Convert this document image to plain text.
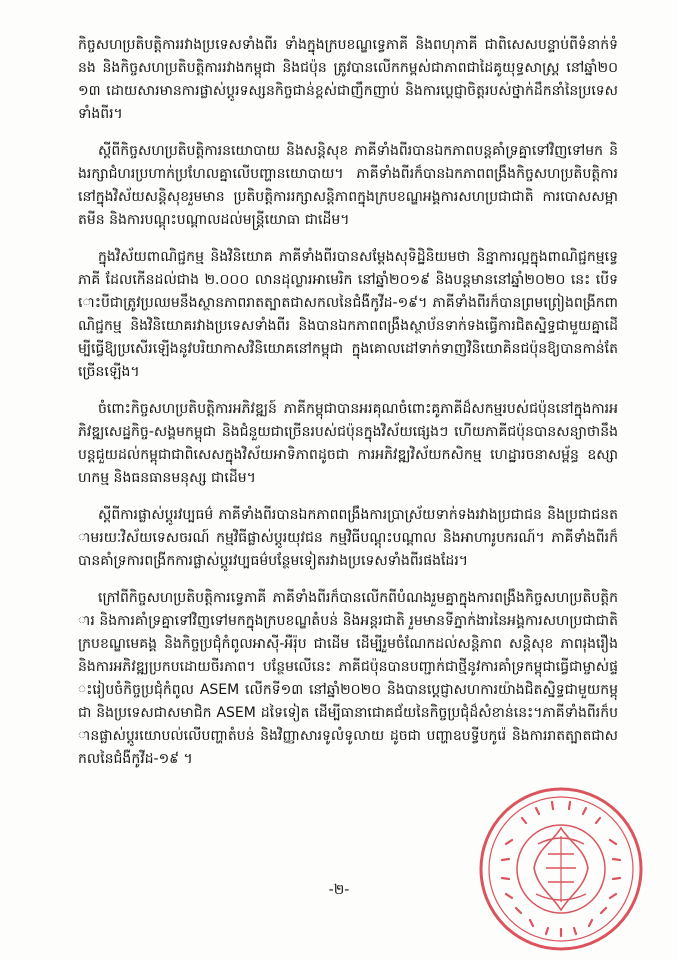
កិច្ចសហប្រតិបត្តិការរវាងប្រទេសទាំងពីរ ទាំងក្នុងក្របខណ្ឌទ្វេភាគី និងពហុភាគី ជាពិសេសបន្ទាប់ពីទំនាក់ទំនង និងកិច្ចសហប្រតិបត្តិការរវាងកម្ពុជា និងជប៉ុន ត្រូវបានលើកកម្ពស់ជាភាពជាដៃគូយុទ្ធសាស្ត្រ នៅឆ្នាំ២០១៣ ដោយសារមានការផ្លាស់ប្តូរទស្សនកិច្ចជាន់ខ្ពស់ជាញឹកញាប់ និងការប្តេជ្ញាចិត្តរបស់ថ្នាក់ដឹកនាំនៃប្រទេសទាំងពីរ។

ស្តីពីកិច្ចសហប្រតិបត្តិការនយោបាយ និងសន្តិសុខ ភាគីទាំងពីរបានឯកភាពបន្តគាំទ្រគ្នាទៅវិញទៅមក និងរក្សាជំហរប្រហាក់ប្រហែលគ្នាលើបញ្ហានយោបាយ។ ភាគីទាំងពីរក៏បានឯកភាពពង្រឹងកិច្ចសហប្រតិបត្តិការនៅក្នុងវិស័យសន្តិសុខរួមមាន ប្រតិបត្តិការរក្សាសន្តិភាពក្នុងក្របខណ្ឌអង្គការសហប្រជាជាតិ ការបោសសម្អាតមីន និងការបណ្តុះបណ្តាលដល់មន្រ្តីយោធា ជាដើម។

ក្នុងវិស័យពាណិជ្ជកម្ម និងវិនិយោគ ភាគីទាំងពីរបានសម្តែងសុទិដ្ឋិនិយមថា និន្នាការល្អក្នុងពាណិជ្ជកម្មទ្វេភាគី ដែលកើនដល់ជាង ២.០០០ លានដុល្លារអាមេរិក នៅឆ្នាំ២០១៩ និងបន្តមាននៅឆ្នាំ២០២០ នេះ បើទោះបីជាត្រូវប្រឈមនឹងស្ថានភាពរាតត្បាតជាសកលនៃជំងឺកូវីដ-១៩។ ភាគីទាំងពីរក៏បានព្រមព្រៀងពង្រីកពាណិជ្ជកម្ម និងវិនិយោគរវាងប្រទេសទាំងពីរ និងបានឯកភាពពង្រឹងស្ថាប័នទាក់ទងធ្វើការជិតស្និទ្ធជាមួយគ្នាដើម្បីធ្វើឱ្យប្រសើរឡើងនូវបរិយាកាសវិនិយោគនៅកម្ពុជា ក្នុងគោលដៅទាក់ទាញវិនិយោគិនជប៉ុនឱ្យបានកាន់តែច្រើនឡើង។

ចំពោះកិច្ចសហប្រតិបត្តិការអភិវឌ្ឍន៍ ភាគីកម្ពុជាបានអរគុណចំពោះគូភាគីដ៏សកម្មរបស់ជប៉ុននៅក្នុងការអភិវឌ្ឍសេដ្ឋកិច្ច-សង្គមកម្ពុជា និងជំនួយជាច្រើនរបស់ជប៉ុនក្នុងវិស័យផ្សេងៗ ហើយភាគីជប៉ុនបានសន្យាថានឹងបន្តជួយដល់កម្ពុជាជាពិសេសក្នុងវិស័យអាទិភាពដូចជា ការអភិវឌ្ឍវិស័យកសិកម្ម ហេដ្ឋារចនាសម្ព័ន្ធ ឧស្សាហកម្ម និងធនធានមនុស្ស ជាដើម។

ស្តីពីការផ្លាស់ប្តូរវប្បធម៌ ភាគីទាំងពីរបានឯកភាពពង្រឹងការប្រាស្រ័យទាក់ទងរវាងប្រជាជន និងប្រជាជនតាមរយៈវិស័យទេសចរណ៍ កម្មវិធីផ្លាស់ប្តូរយុវជន កម្មវិធីបណ្តុះបណ្តាល និងអាហារូបករណ៍។ ភាគីទាំងពីរក៏បានគាំទ្រការពង្រីកការផ្លាស់ប្តូរវប្បធម៌បន្ថែមទៀតរវាងប្រទេសទាំងពីរផងដែរ។

ក្រៅពីកិច្ចសហប្រតិបត្តិការទ្វេភាគី ភាគីទាំងពីរក៏បានលើកពីបំណងរួមគ្នាក្នុងការពង្រឹងកិច្ចសហប្រតិបត្តិការ និងការគាំទ្រគ្នាទៅវិញទៅមកក្នុងក្របខណ្ឌតំបន់ និងអន្តរជាតិ រួមមានទីភ្នាក់ងារនៃអង្គការសហប្រជាជាតិ ក្របខណ្ឌមេគង្គ និងកិច្ចប្រជុំកំពូលអាស៊ី-អឺរ៉ុប ជាដើម ដើម្បីរួមចំណែកដល់សន្តិភាព សន្តិសុខ ភាពរុងរឿង និងការអភិវឌ្ឍប្រកបដោយចីរភាព។ បន្ថែមលើនេះ ភាគីជប៉ុនបានបញ្ជាក់ជាថ្មីនូវការគាំទ្រកម្ពុជាធ្វើជាម្ចាស់ផ្ទះរៀបចំកិច្ចប្រជុំកំពូល ASEM លើកទី១៣ នៅឆ្នាំ២០២០ និងបានប្តេជ្ញាសហការយ៉ាងជិតស្និទ្ធជាមួយកម្ពុជា និងប្រទេសជាសមាជិក ASEM ដទៃទៀត ដើម្បីធានាជោគជ័យនៃកិច្ចប្រជុំដ៏សំខាន់នេះ។ភាគីទាំងពីរក៏បានផ្លាស់ប្តូរយោបល់លើបញ្ហាតំបន់ និងវិញ្ញាសារទូលំទូលាយ ដូចជា បញ្ហាឧបទ្វីបកូរ៉េ និងការរាតត្បាតជាសកលនៃជំងឺកូវីដ-១៩ ។

-២-
